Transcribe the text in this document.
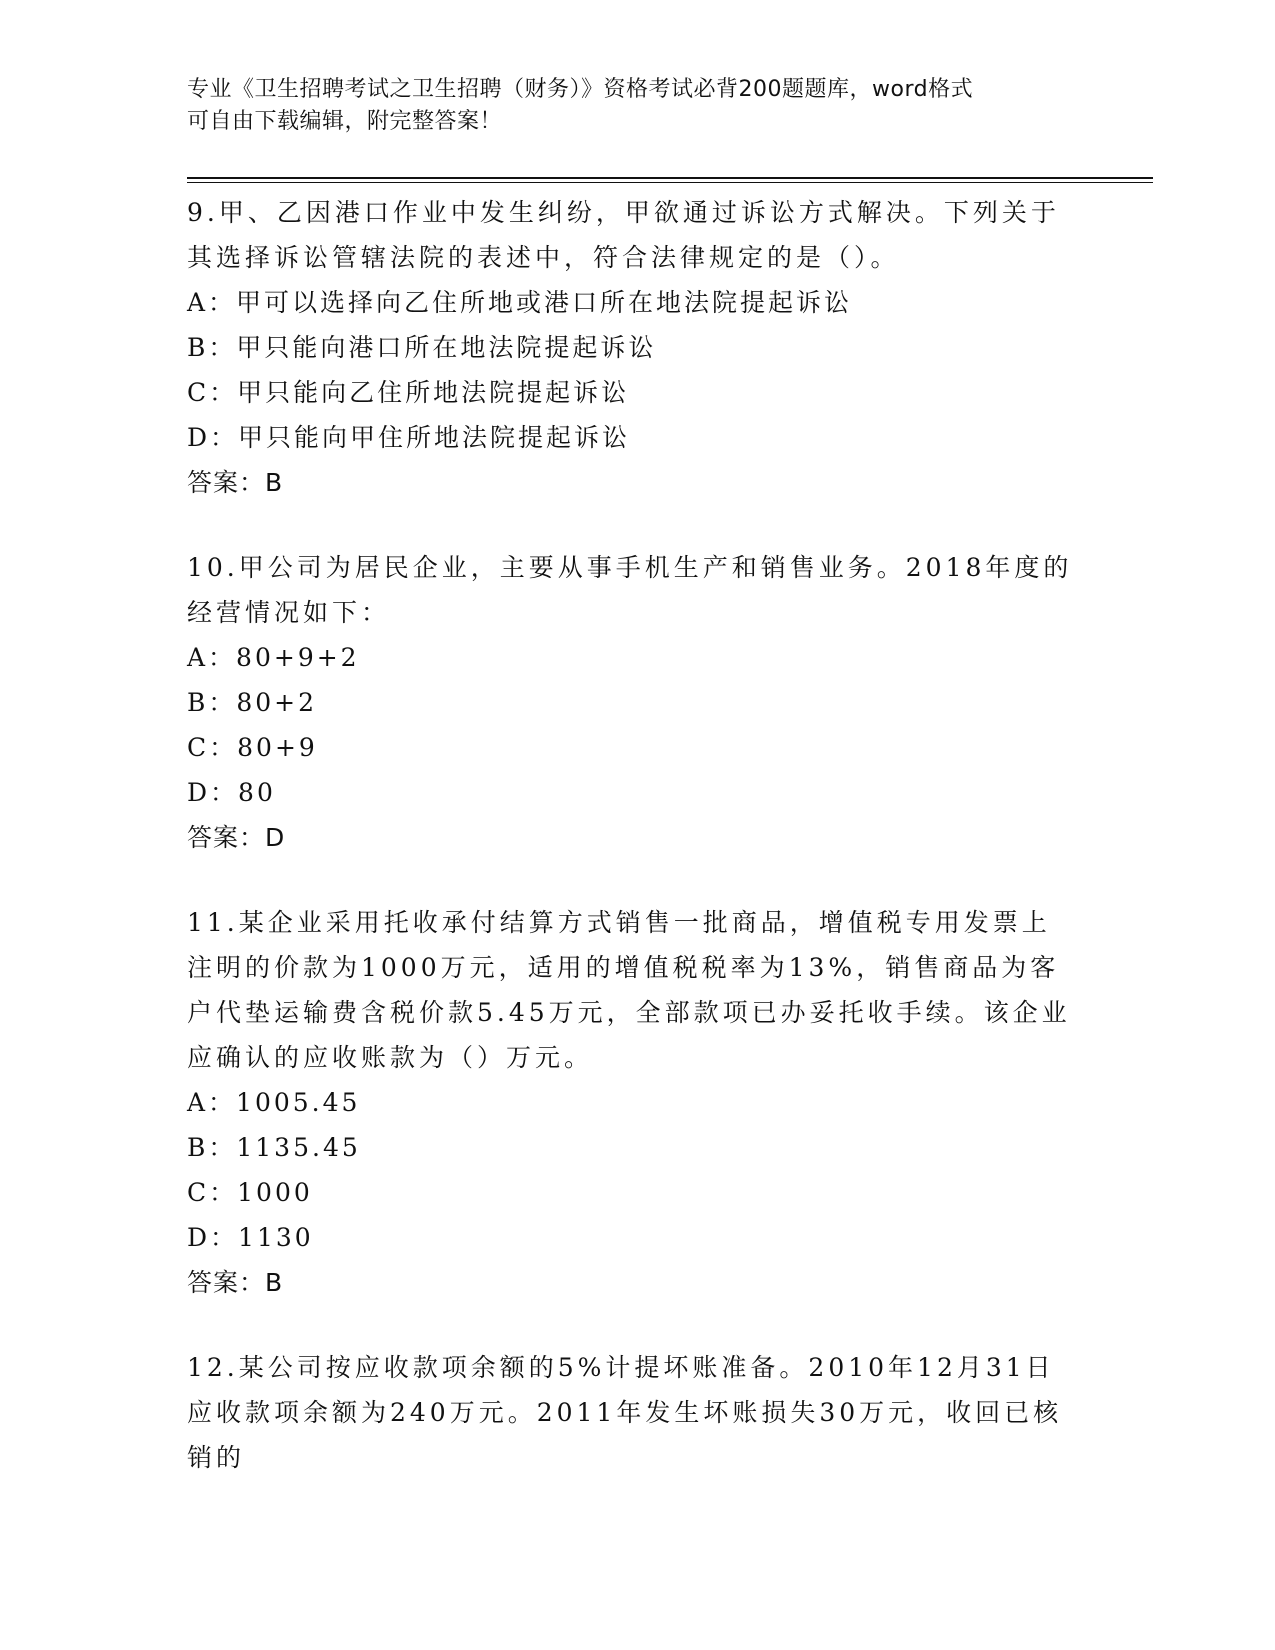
专业《卫生招聘考试之卫生招聘（财务）》资格考试必背200题题库，word格式
可自由下载编辑，附完整答案！
9.甲、乙因港口作业中发生纠纷，甲欲通过诉讼方式解决。下列关于其选择诉讼管辖法院的表述中，符合法律规定的是（）。
A：甲可以选择向乙住所地或港口所在地法院提起诉讼
B：甲只能向港口所在地法院提起诉讼
C：甲只能向乙住所地法院提起诉讼
D：甲只能向甲住所地法院提起诉讼
答案：B
10.甲公司为居民企业，主要从事手机生产和销售业务。2018年度的经营情况如下：
A：80+9+2
B：80+2
C：80+9
D：80
答案：D
11.某企业采用托收承付结算方式销售一批商品，增值税专用发票上注明的价款为1000万元，适用的增值税税率为13%，销售商品为客户代垫运输费含税价款5.45万元，全部款项已办妥托收手续。该企业应确认的应收账款为（）万元。
A：1005.45
B：1135.45
C：1000
D：1130
答案：B
12.某公司按应收款项余额的5%计提坏账准备。2010年12月31日应收款项余额为240万元。2011年发生坏账损失30万元，收回已核销的
